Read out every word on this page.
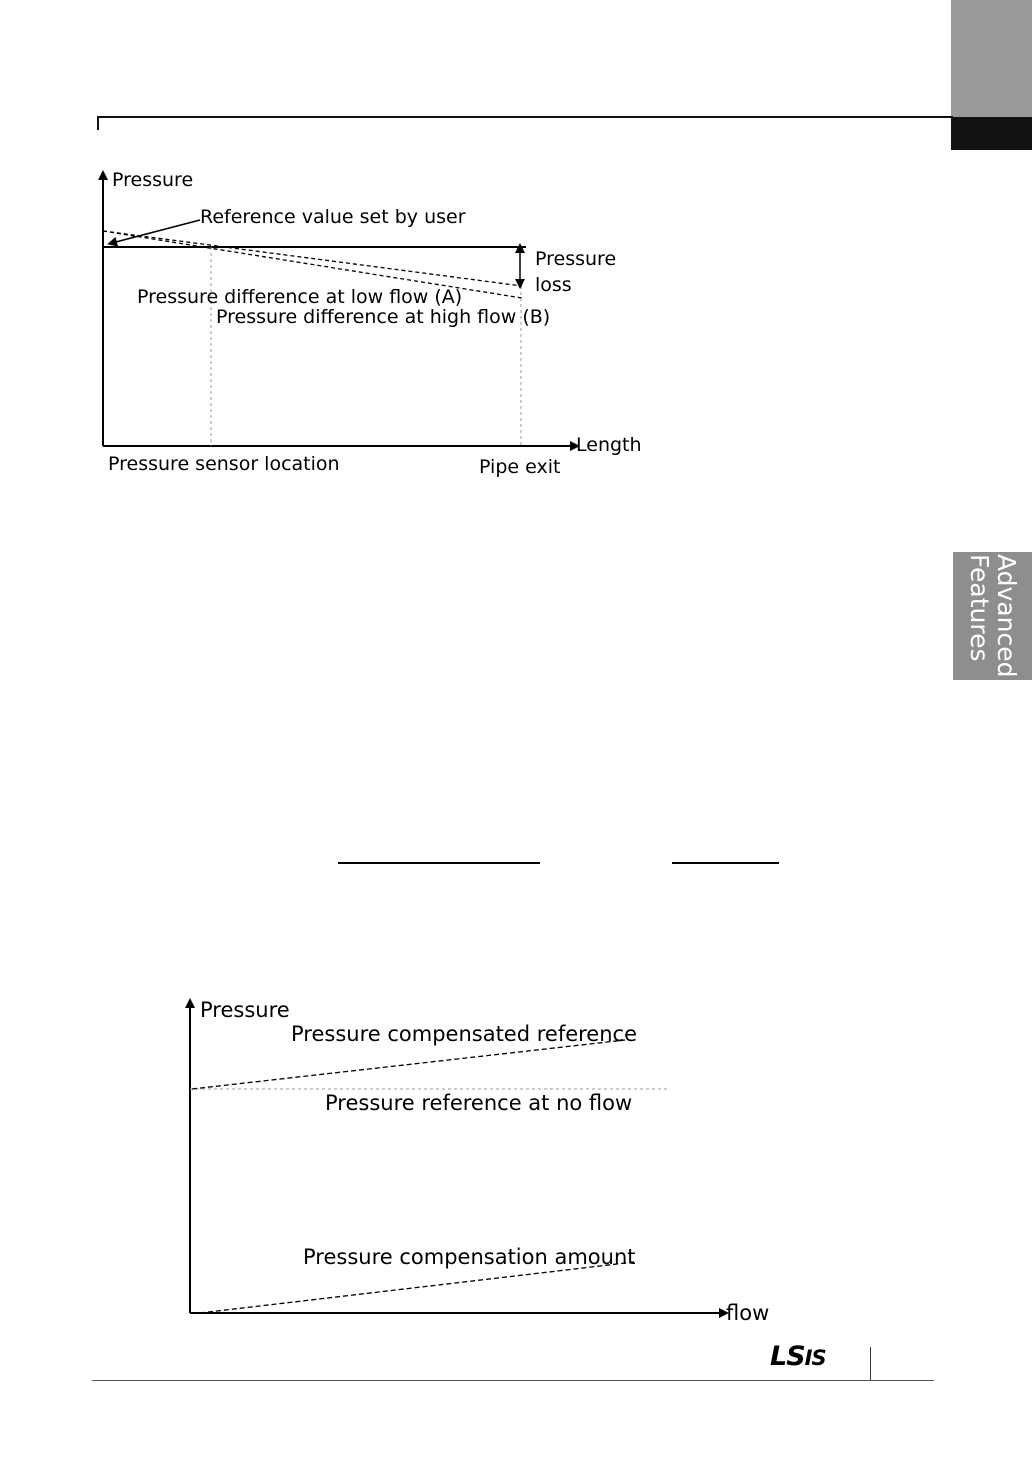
Advanced
Features
Pressure
Reference value set by user
Pressure
loss
Pressure difference at low flow (A)
Pressure difference at high flow (B)
Length
Pressure sensor location	Pipe exit
Pressure
Pressure compensated reference
Pressure reference at no flow
Pressure compensation amount
flow
LSIS
